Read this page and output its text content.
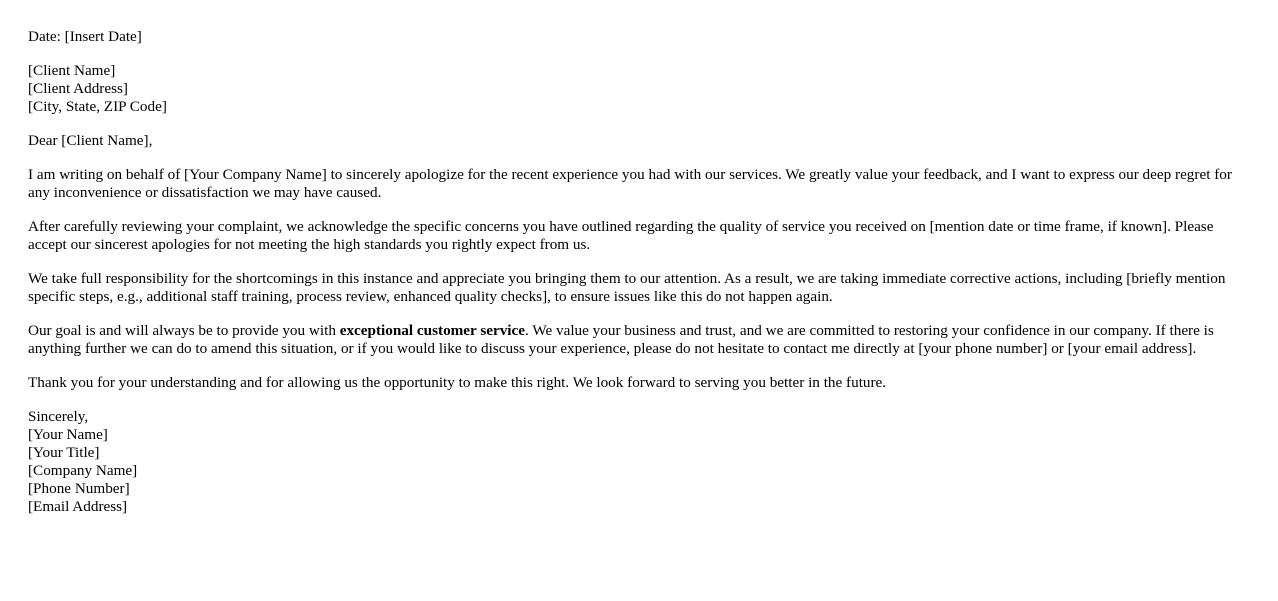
Date: [Insert Date]

[Client Name]
[Client Address]
[City, State, ZIP Code]

Dear [Client Name],

I am writing on behalf of [Your Company Name] to sincerely apologize for the recent experience you had with our services. We greatly value your feedback, and I want to express our deep regret for any inconvenience or dissatisfaction we may have caused.

After carefully reviewing your complaint, we acknowledge the specific concerns you have outlined regarding the quality of service you received on [mention date or time frame, if known]. Please accept our sincerest apologies for not meeting the high standards you rightly expect from us.

We take full responsibility for the shortcomings in this instance and appreciate you bringing them to our attention. As a result, we are taking immediate corrective actions, including [briefly mention specific steps, e.g., additional staff training, process review, enhanced quality checks], to ensure issues like this do not happen again.

Our goal is and will always be to provide you with exceptional customer service. We value your business and trust, and we are committed to restoring your confidence in our company. If there is anything further we can do to amend this situation, or if you would like to discuss your experience, please do not hesitate to contact me directly at [your phone number] or [your email address].

Thank you for your understanding and for allowing us the opportunity to make this right. We look forward to serving you better in the future.

Sincerely,
[Your Name]
[Your Title]
[Company Name]
[Phone Number]
[Email Address]
